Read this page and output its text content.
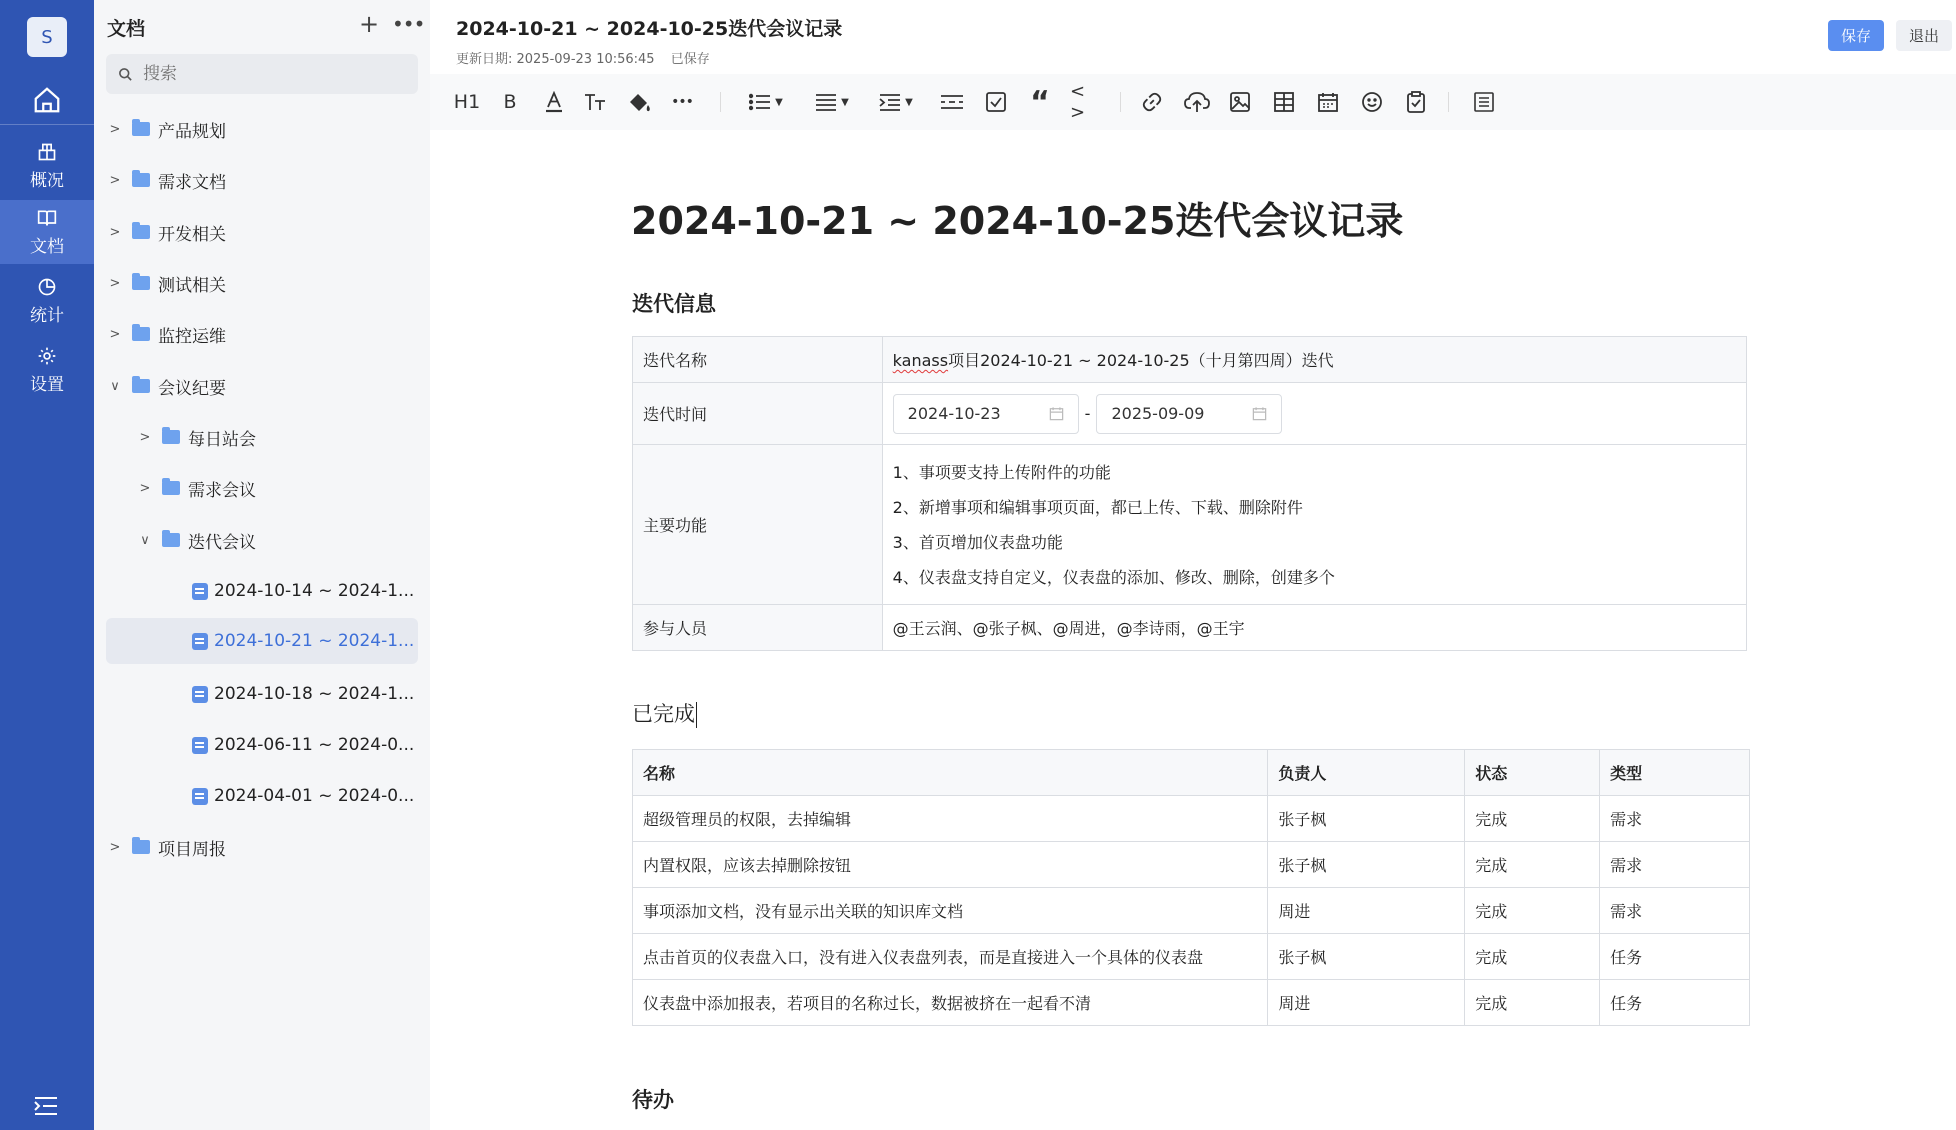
S
概况
文档
统计
设置
文档	+ •••
搜索
> 产品规划
> 需求文档
> 开发相关
> 测试相关
> 监控运维
∨ 会议纪要
> 每日站会
> 需求会议
∨ 迭代会议
2024-10-14 ~ 2024-1...
2024-10-21 ~ 2024-1...
2024-10-18 ~ 2024-1...
2024-06-11 ~ 2024-0...
2024-04-01 ~ 2024-0...
> 项目周报
2024-10-21 ~ 2024-10-25迭代会议记录
更新日期: 2025-09-23 10:56:45 已保存
保存	退出
H1 B	•••	▼	▼	▼	“ < >
2024-10-21 ~ 2024-10-25迭代会议记录
迭代信息
迭代名称	kanass项目2024-10-21 ~ 2024-10-25（十月第四周）迭代
迭代时间	2024-10-23 - 2025-09-09

主要功能	1、事项要支持上传附件的功能
2、新增事项和编辑事项页面，都已上传、下载、删除附件
3、首页增加仪表盘功能
4、仪表盘支持自定义，仪表盘的添加、修改、删除，创建多个

参与人员	@王云润、@张子枫、@周进，@李诗雨，@王宇
已完成
名称	负责人	状态	类型
超级管理员的权限，去掉编辑	张子枫	完成	需求
内置权限，应该去掉删除按钮	张子枫	完成	需求
事项添加文档，没有显示出关联的知识库文档	周进	完成	需求
点击首页的仪表盘入口，没有进入仪表盘列表，而是直接进入一个具体的仪表盘	张子枫	完成	任务
仪表盘中添加报表，若项目的名称过长，数据被挤在一起看不清	周进	完成	任务
待办
